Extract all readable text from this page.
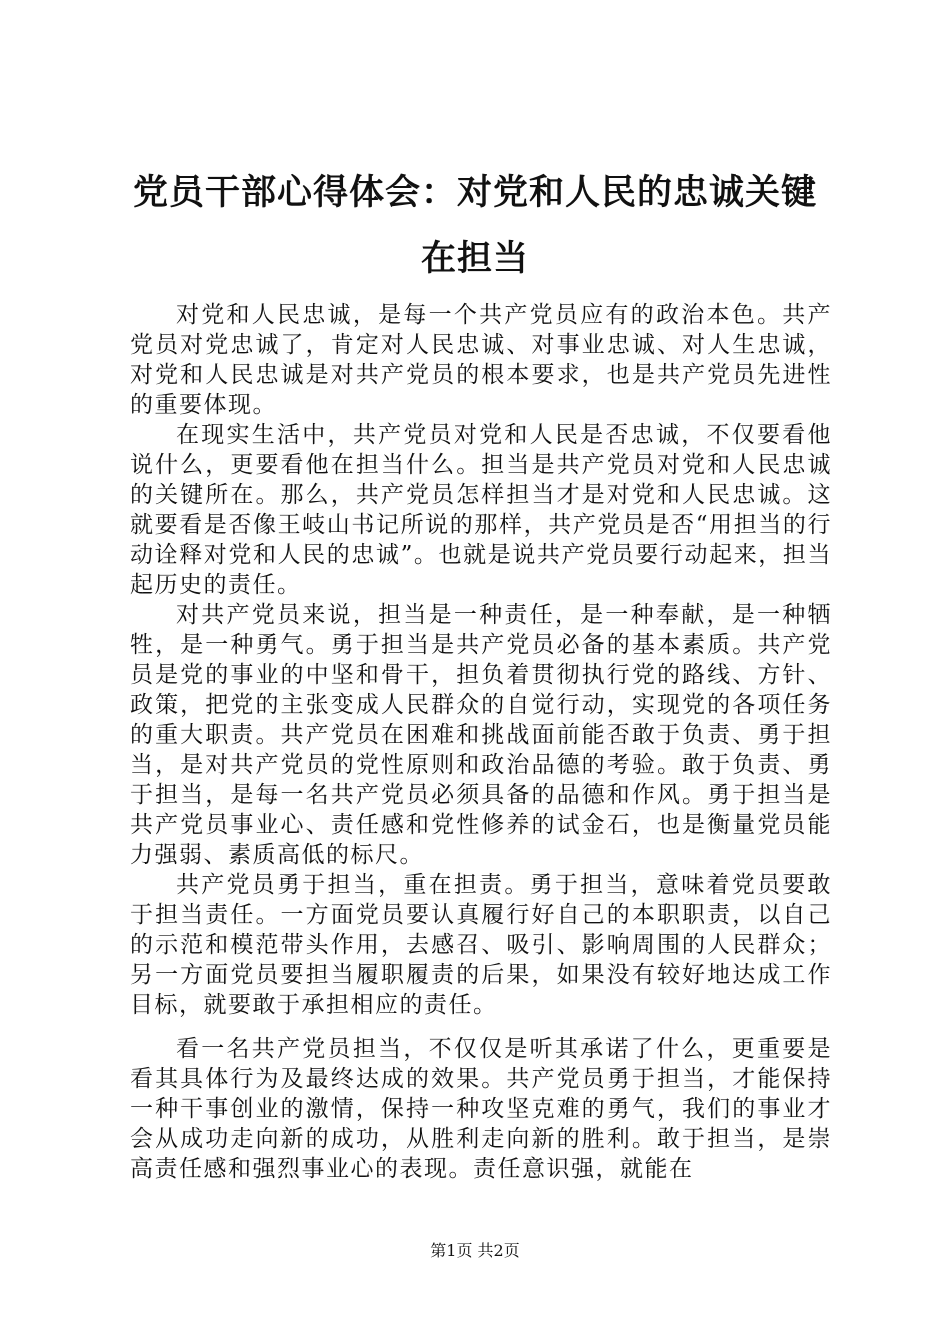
党员干部心得体会：对党和人民的忠诚关键在担当

对党和人民忠诚，是每一个共产党员应有的政治本色。共产党员对党忠诚了，肯定对人民忠诚、对事业忠诚、对人生忠诚，对党和人民忠诚是对共产党员的根本要求，也是共产党员先进性的重要体现。

在现实生活中，共产党员对党和人民是否忠诚，不仅要看他说什么，更要看他在担当什么。担当是共产党员对党和人民忠诚的关键所在。那么，共产党员怎样担当才是对党和人民忠诚。这就要看是否像王岐山书记所说的那样，共产党员是否“用担当的行动诠释对党和人民的忠诚”。也就是说共产党员要行动起来，担当起历史的责任。

对共产党员来说，担当是一种责任，是一种奉献，是一种牺牲，是一种勇气。勇于担当是共产党员必备的基本素质。共产党员是党的事业的中坚和骨干，担负着贯彻执行党的路线、方针、政策，把党的主张变成人民群众的自觉行动，实现党的各项任务的重大职责。共产党员在困难和挑战面前能否敢于负责、勇于担当，是对共产党员的党性原则和政治品德的考验。敢于负责、勇于担当，是每一名共产党员必须具备的品德和作风。勇于担当是共产党员事业心、责任感和党性修养的试金石，也是衡量党员能力强弱、素质高低的标尺。

共产党员勇于担当，重在担责。勇于担当，意味着党员要敢于担当责任。一方面党员要认真履行好自己的本职职责，以自己的示范和模范带头作用，去感召、吸引、影响周围的人民群众；另一方面党员要担当履职履责的后果，如果没有较好地达成工作目标，就要敢于承担相应的责任。

看一名共产党员担当，不仅仅是听其承诺了什么，更重要是看其具体行为及最终达成的效果。共产党员勇于担当，才能保持一种干事创业的激情，保持一种攻坚克难的勇气，我们的事业才会从成功走向新的成功，从胜利走向新的胜利。敢于担当，是崇高责任感和强烈事业心的表现。责任意识强，就能在

第1页 共2页
